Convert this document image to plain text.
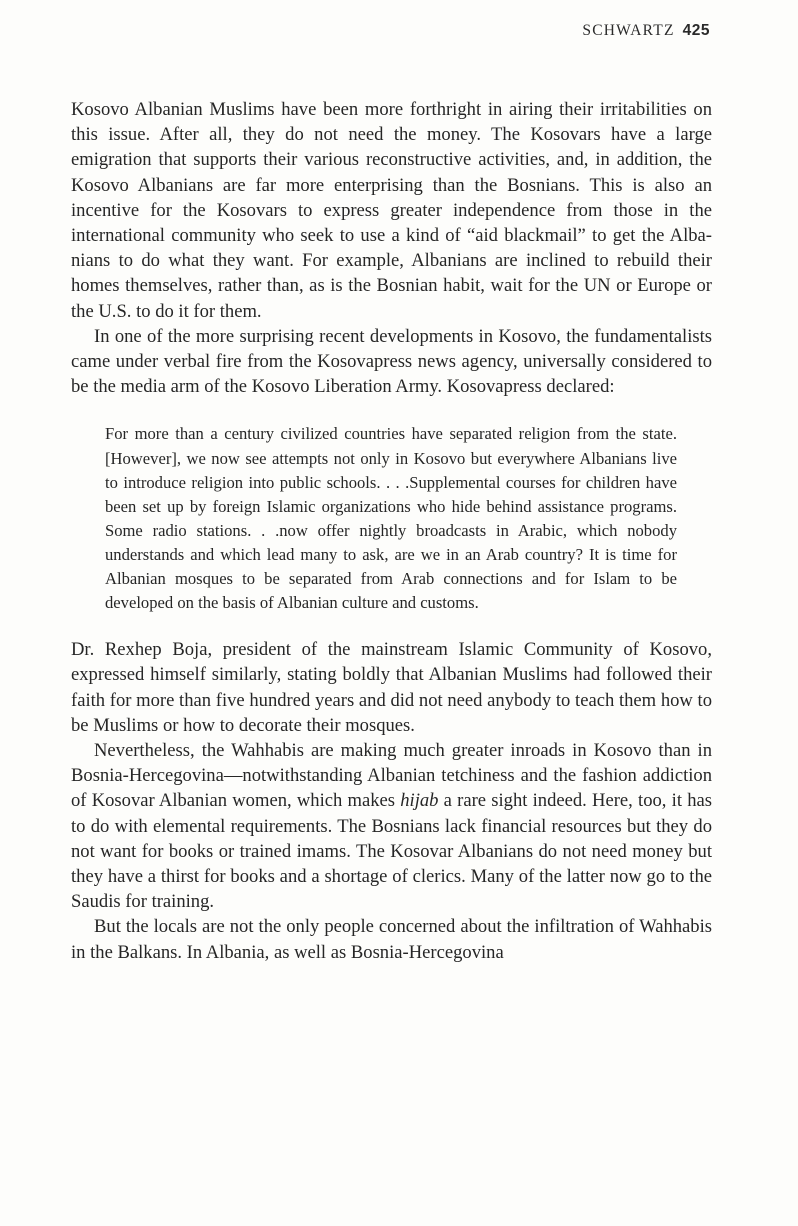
SCHWARTZ 425

Kosovo Albanian Muslims have been more forthright in airing their irritabilities on this issue. After all, they do not need the money. The Kosovars have a large emigration that supports their various reconstructive activities, and, in addition, the Kosovo Albanians are far more enterprising than the Bosnians. This is also an incentive for the Kosovars to express greater independence from those in the international community who seek to use a kind of “aid blackmail” to get the Albanians to do what they want. For example, Albanians are inclined to rebuild their homes themselves, rather than, as is the Bosnian habit, wait for the UN or Europe or the U.S. to do it for them.

In one of the more surprising recent developments in Kosovo, the fundamentalists came under verbal fire from the Kosovapress news agency, universally considered to be the media arm of the Kosovo Liberation Army. Kosovapress declared:

For more than a century civilized countries have separated religion from the state. [However], we now see attempts not only in Kosovo but everywhere Albanians live to introduce religion into public schools. . . .Supplemental courses for children have been set up by foreign Islamic organizations who hide behind assistance programs. Some radio stations. . .now offer nightly broadcasts in Arabic, which nobody understands and which lead many to ask, are we in an Arab country? It is time for Albanian mosques to be separated from Arab connections and for Islam to be developed on the basis of Albanian culture and customs.

Dr. Rexhep Boja, president of the mainstream Islamic Community of Kosovo, expressed himself similarly, stating boldly that Albanian Muslims had followed their faith for more than five hundred years and did not need anybody to teach them how to be Muslims or how to decorate their mosques.

Nevertheless, the Wahhabis are making much greater inroads in Kosovo than in Bosnia-Hercegovina—notwithstanding Albanian tetchiness and the fashion addiction of Kosovar Albanian women, which makes hijab a rare sight indeed. Here, too, it has to do with elemental requirements. The Bosnians lack financial resources but they do not want for books or trained imams. The Kosovar Albanians do not need money but they have a thirst for books and a shortage of clerics. Many of the latter now go to the Saudis for training.

But the locals are not the only people concerned about the infiltration of Wahhabis in the Balkans. In Albania, as well as Bosnia-Hercegovina
